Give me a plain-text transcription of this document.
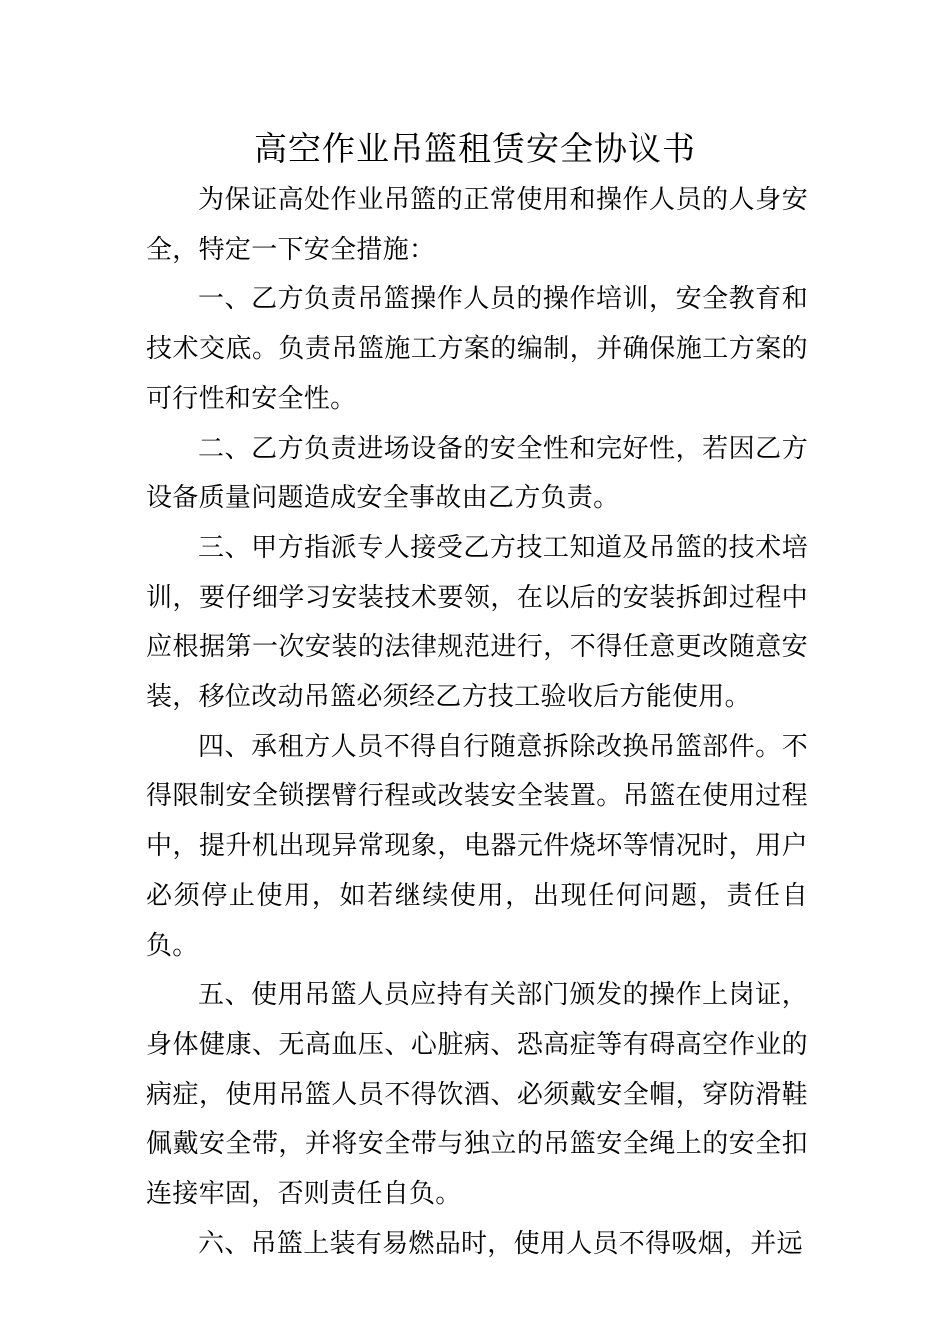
高空作业吊篮租赁安全协议书

为保证高处作业吊篮的正常使用和操作人员的人身安全，特定一下安全措施：

一、乙方负责吊篮操作人员的操作培训，安全教育和技术交底。负责吊篮施工方案的编制，并确保施工方案的可行性和安全性。

二、乙方负责进场设备的安全性和完好性，若因乙方设备质量问题造成安全事故由乙方负责。

三、甲方指派专人接受乙方技工知道及吊篮的技术培训，要仔细学习安装技术要领，在以后的安装拆卸过程中应根据第一次安装的法律规范进行，不得任意更改随意安装，移位改动吊篮必须经乙方技工验收后方能使用。

四、承租方人员不得自行随意拆除改换吊篮部件。不得限制安全锁摆臂行程或改装安全装置。吊篮在使用过程中，提升机出现异常现象，电器元件烧坏等情况时，用户必须停止使用，如若继续使用，出现任何问题，责任自负。

五、使用吊篮人员应持有关部门颁发的操作上岗证，身体健康、无高血压、心脏病、恐高症等有碍高空作业的病症，使用吊篮人员不得饮酒、必须戴安全帽，穿防滑鞋佩戴安全带，并将安全带与独立的吊篮安全绳上的安全扣连接牢固，否则责任自负。

六、吊篮上装有易燃品时，使用人员不得吸烟，并远
